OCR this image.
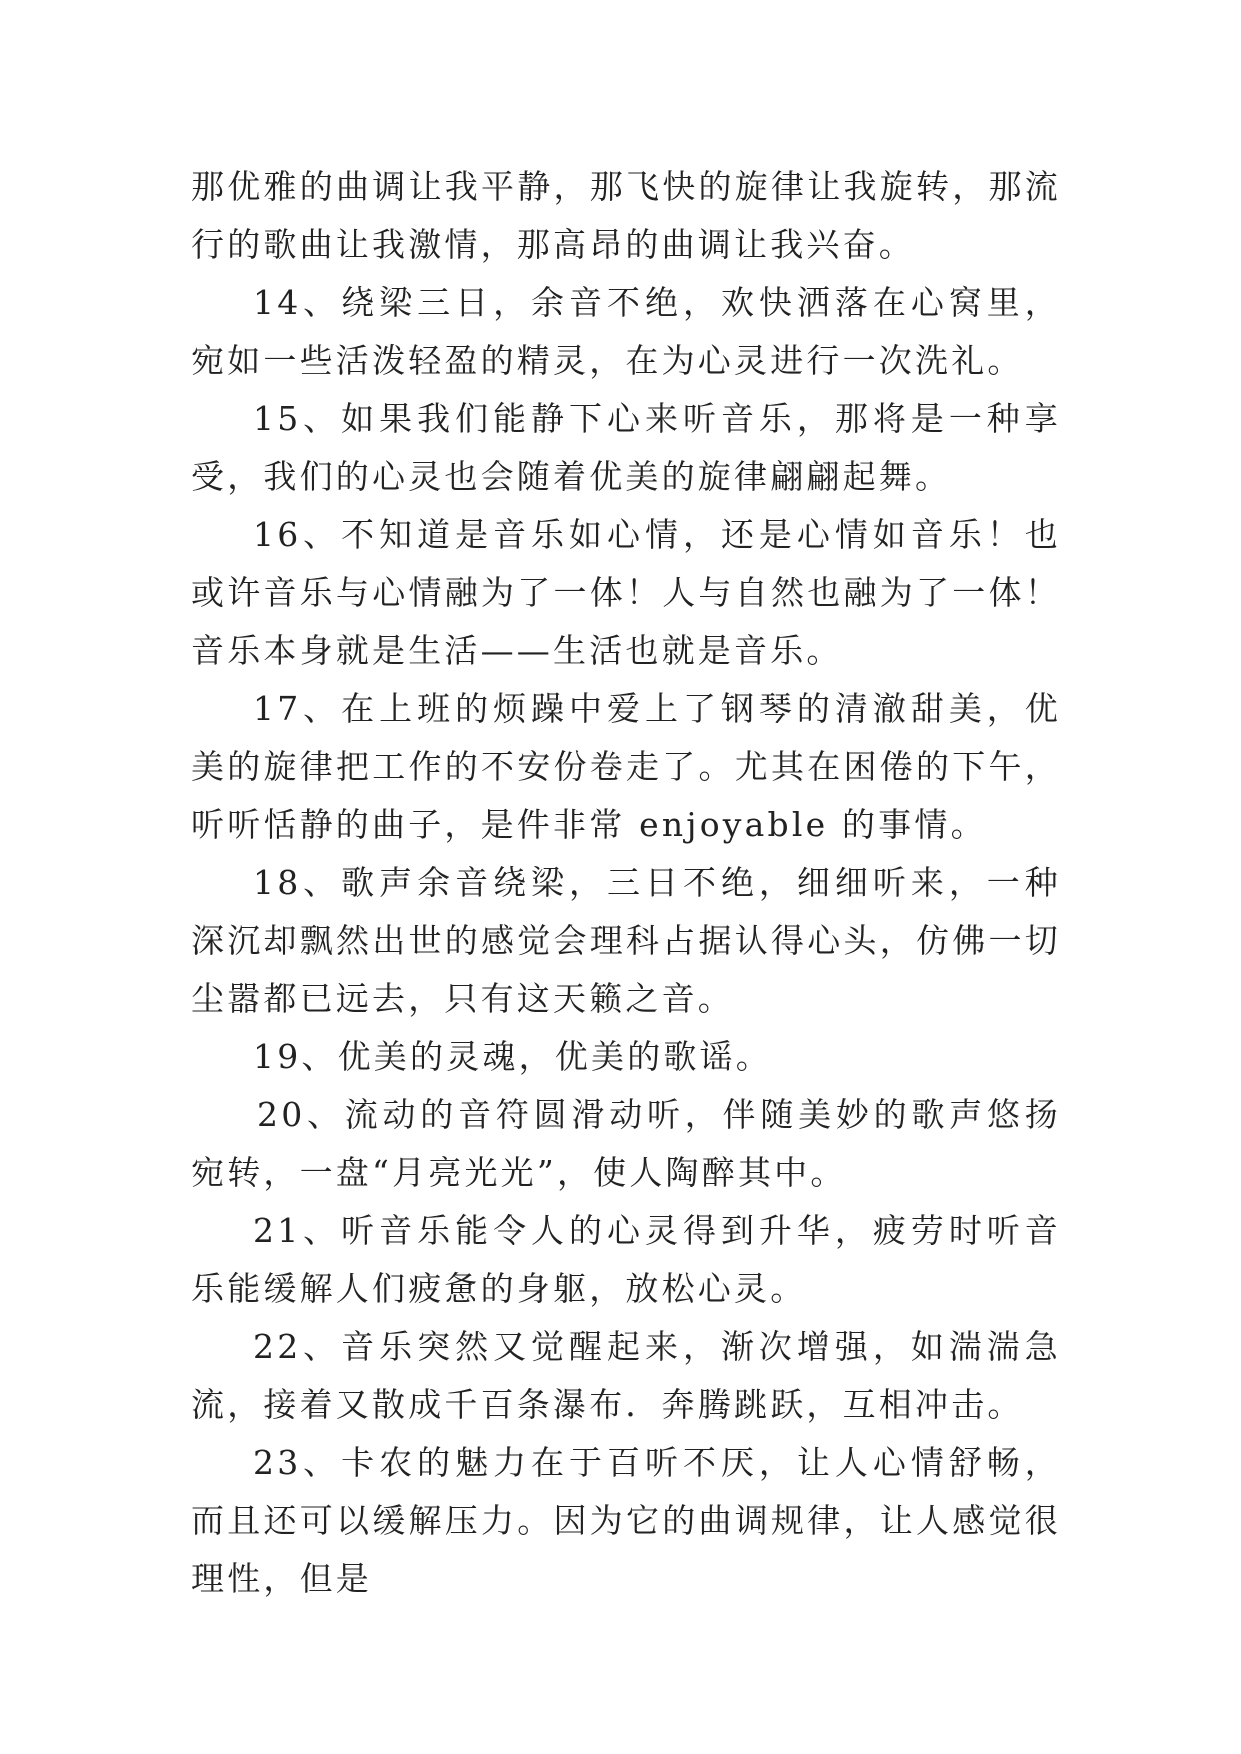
那优雅的曲调让我平静，那飞快的旋律让我旋转，那流行的歌曲让我激情，那高昂的曲调让我兴奋。

14、绕梁三日，余音不绝，欢快洒落在心窝里，宛如一些活泼轻盈的精灵，在为心灵进行一次洗礼。

15、如果我们能静下心来听音乐，那将是一种享受，我们的心灵也会随着优美的旋律翩翩起舞。

16、不知道是音乐如心情，还是心情如音乐！也或许音乐与心情融为了一体！人与自然也融为了一体！音乐本身就是生活——生活也就是音乐。

17、在上班的烦躁中爱上了钢琴的清澈甜美，优美的旋律把工作的不安份卷走了。尤其在困倦的下午，听听恬静的曲子，是件非常 enjoyable 的事情。

18、歌声余音绕梁，三日不绝，细细听来，一种深沉却飘然出世的感觉会理科占据认得心头，仿佛一切尘嚣都已远去，只有这天籁之音。

19、优美的灵魂，优美的歌谣。

20、流动的音符圆滑动听，伴随美妙的歌声悠扬宛转，一盘“月亮光光”，使人陶醉其中。

21、听音乐能令人的心灵得到升华，疲劳时听音乐能缓解人们疲惫的身躯，放松心灵。

22、音乐突然又觉醒起来，渐次增强，如湍湍急流，接着又散成千百条瀑布．奔腾跳跃，互相冲击。

23、卡农的魅力在于百听不厌，让人心情舒畅，而且还可以缓解压力。因为它的曲调规律，让人感觉很理性，但是
